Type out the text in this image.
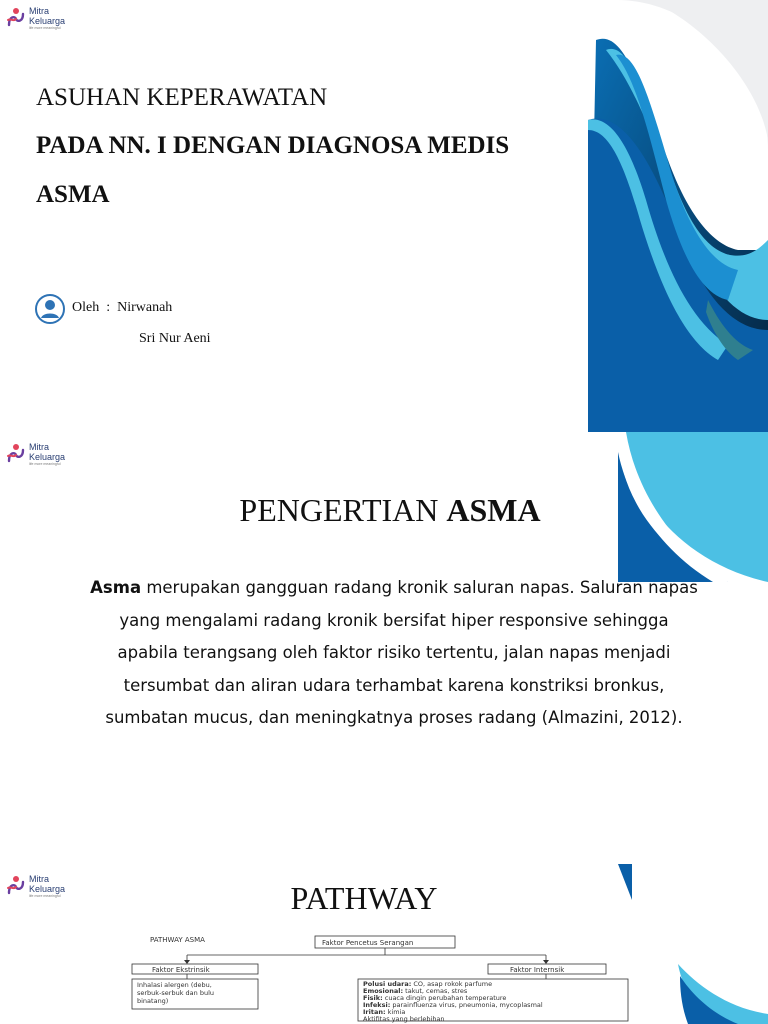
Mitra
Keluarga
life more meaningful
ASUHAN KEPERAWATAN
PADA NN. I DENGAN DIAGNOSA MEDIS
ASMA
Oleh  :  Nirwanah
Sri Nur Aeni
Mitra
Keluarga
life more meaningful
PENGERTIAN ASMA
Asma merupakan gangguan radang kronik saluran napas. Saluran napas yang mengalami radang kronik bersifat hiper responsive sehingga apabila terangsang oleh faktor risiko tertentu, jalan napas menjadi tersumbat dan aliran udara terhambat karena konstriksi bronkus, sumbatan mucus, dan meningkatnya proses radang (Almazini, 2012).
Mitra
Keluarga
life more meaningful	PATHWAY
PATHWAY ASMA	Faktor Pencetus Serangan
Faktor Ekstrinsik	Faktor Internsik
Inhalasi alergen (debu,
serbuk-serbuk dan bulu
binatang)
Polusi udara: CO, asap rokok parfume
Emosional: takut, cemas, stres
Fisik: cuaca dingin perubahan temperature
Infeksi: parainfluenza virus, pneumonia, mycoplasmal
Iritan: kimia
Aktifitas yang berlebihan
